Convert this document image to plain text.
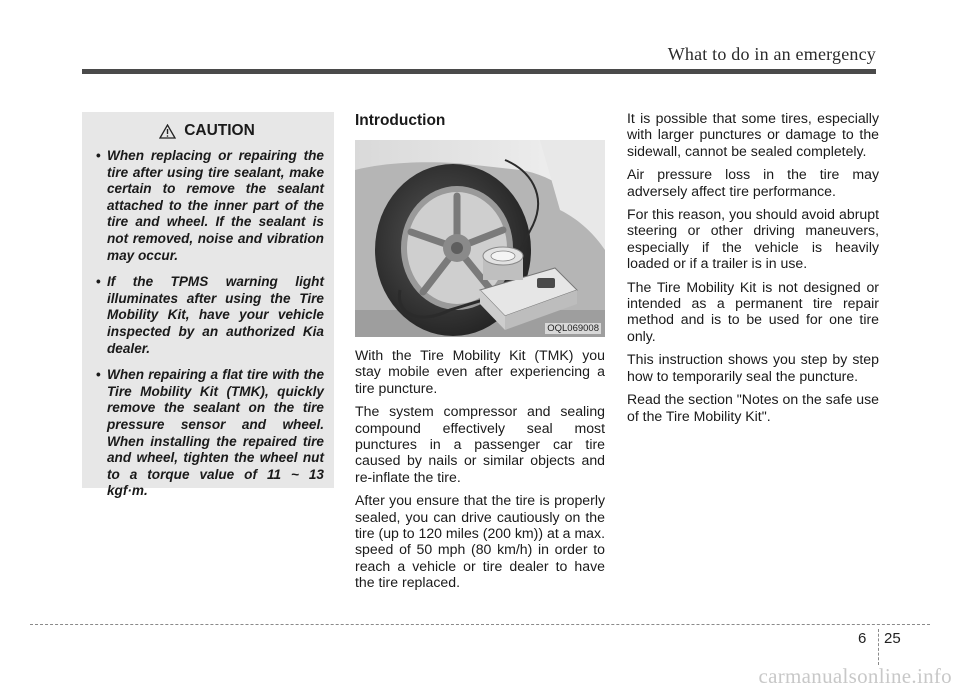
What to do in an emergency
CAUTION
• When replacing or repairing the tire after using tire sealant, make certain to remove the sealant attached to the inner part of the tire and wheel. If the sealant is not removed, noise and vibration may occur.
• If the TPMS warning light illuminates after using the Tire Mobility Kit, have your vehicle inspected by an authorized Kia dealer.
• When repairing a flat tire with the Tire Mobility Kit (TMK), quickly remove the sealant on the tire pressure sensor and wheel. When installing the repaired tire and wheel, tighten the wheel nut to a torque value of 11 ~ 13 kgf·m.
Introduction
OQL069008

With the Tire Mobility Kit (TMK) you stay mobile even after experiencing a tire puncture.

The system compressor and sealing compound effectively seal most punctures in a passenger car tire caused by nails or similar objects and re-inflate the tire.

After you ensure that the tire is properly sealed, you can drive cautiously on the tire (up to 120 miles (200 km)) at a max. speed of 50 mph (80 km/h) in order to reach a vehicle or tire dealer to have the tire replaced.

It is possible that some tires, especially with larger punctures or damage to the sidewall, cannot be sealed completely.

Air pressure loss in the tire may adversely affect tire performance.

For this reason, you should avoid abrupt steering or other driving maneuvers, especially if the vehicle is heavily loaded or if a trailer is in use.

The Tire Mobility Kit is not designed or intended as a permanent tire repair method and is to be used for one tire only.

This instruction shows you step by step how to temporarily seal the puncture.

Read the section "Notes on the safe use of the Tire Mobility Kit".

6 25
carmanualsonline.info
